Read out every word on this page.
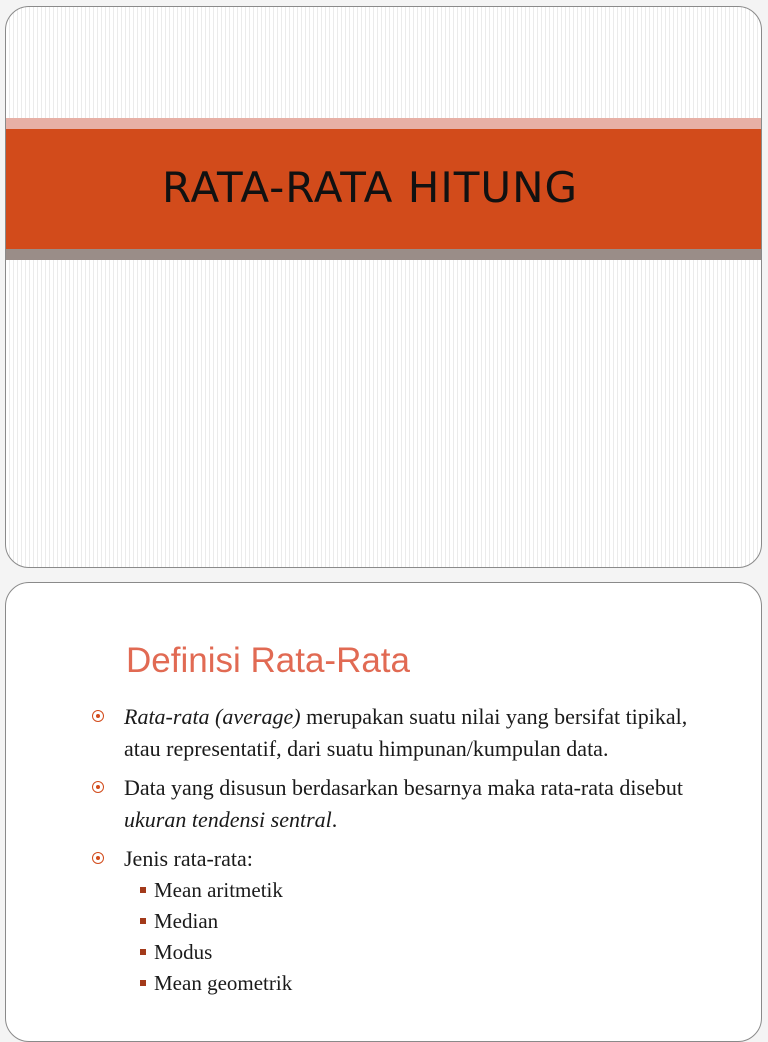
RATA-RATA HITUNG
Definisi Rata-Rata
Rata-rata (average) merupakan suatu nilai yang bersifat tipikal, atau representatif, dari suatu himpunan/kumpulan data.
Data yang disusun berdasarkan besarnya maka rata-rata disebut ukuran tendensi sentral.
Jenis rata-rata:
Mean aritmetik
Median
Modus
Mean geometrik
